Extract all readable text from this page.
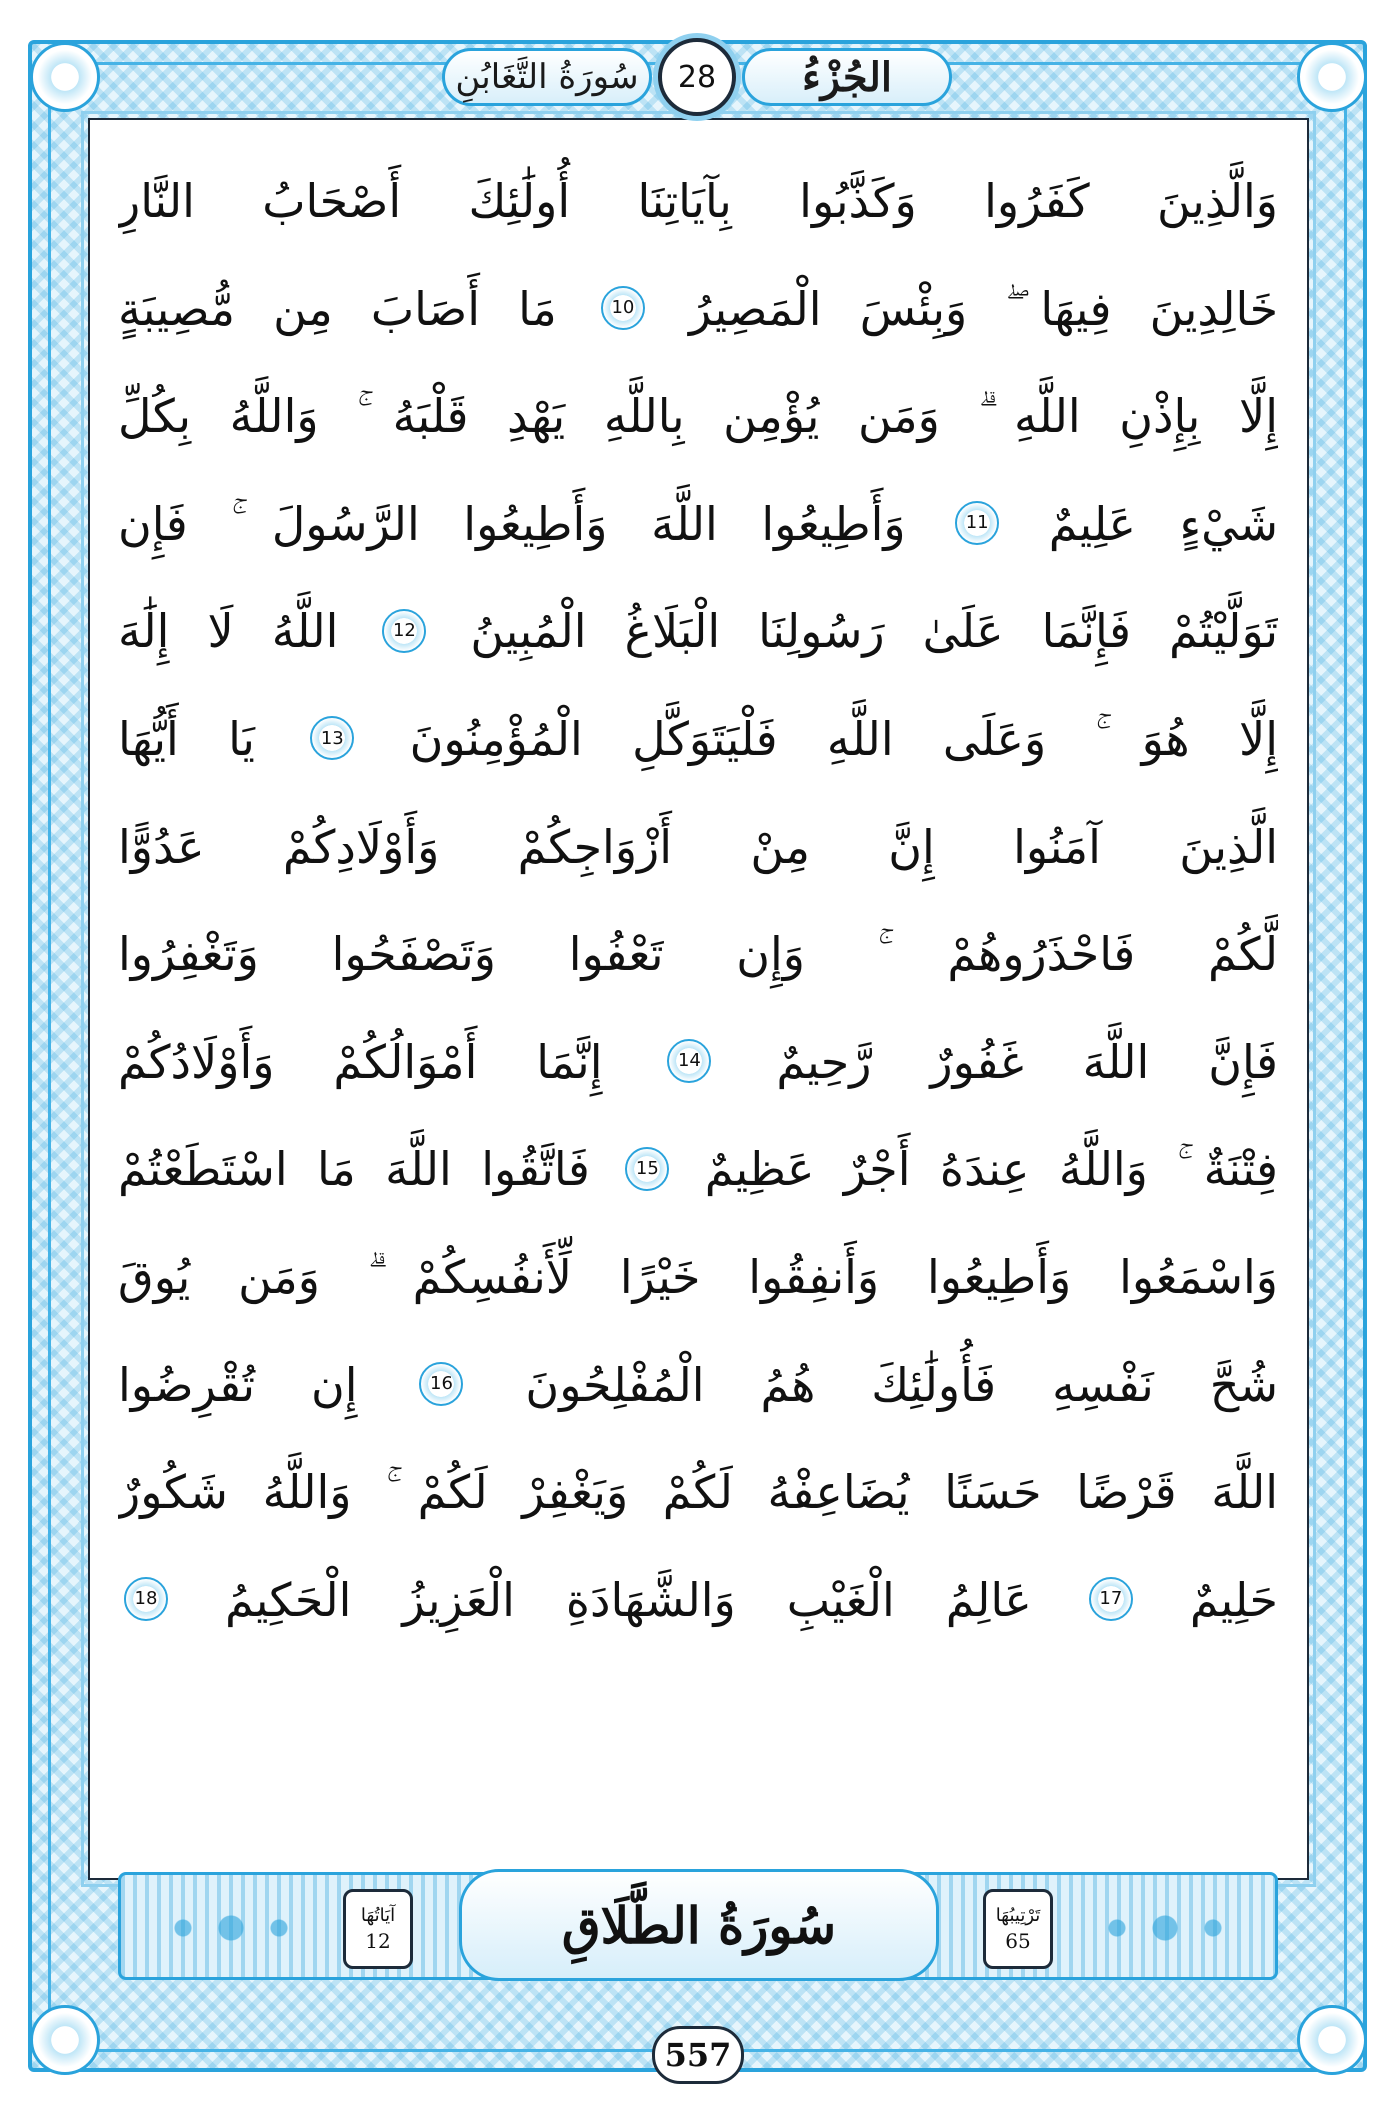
سُورَةُ التَّغَابُنِ	28	الجُزْءُ
وَالَّذِينَ كَفَرُوا وَكَذَّبُوا بِآيَاتِنَا أُولَٰئِكَ أَصْحَابُ النَّارِ
خَالِدِينَ فِيهَا ۖ وَبِئْسَ الْمَصِيرُ 10 مَا أَصَابَ مِن مُّصِيبَةٍ
إِلَّا بِإِذْنِ اللَّهِ ۗ وَمَن يُؤْمِن بِاللَّهِ يَهْدِ قَلْبَهُ ۚ وَاللَّهُ بِكُلِّ
شَيْءٍ عَلِيمٌ 11 وَأَطِيعُوا اللَّهَ وَأَطِيعُوا الرَّسُولَ ۚ فَإِن
تَوَلَّيْتُمْ فَإِنَّمَا عَلَىٰ رَسُولِنَا الْبَلَاغُ الْمُبِينُ 12 اللَّهُ لَا إِلَٰهَ
إِلَّا هُوَ ۚ وَعَلَى اللَّهِ فَلْيَتَوَكَّلِ الْمُؤْمِنُونَ 13 يَا أَيُّهَا
الَّذِينَ آمَنُوا إِنَّ مِنْ أَزْوَاجِكُمْ وَأَوْلَادِكُمْ عَدُوًّا
لَّكُمْ فَاحْذَرُوهُمْ ۚ وَإِن تَعْفُوا وَتَصْفَحُوا وَتَغْفِرُوا
فَإِنَّ اللَّهَ غَفُورٌ رَّحِيمٌ 14 إِنَّمَا أَمْوَالُكُمْ وَأَوْلَادُكُمْ
فِتْنَةٌ ۚ وَاللَّهُ عِندَهُ أَجْرٌ عَظِيمٌ 15 فَاتَّقُوا اللَّهَ مَا اسْتَطَعْتُمْ
وَاسْمَعُوا وَأَطِيعُوا وَأَنفِقُوا خَيْرًا لِّأَنفُسِكُمْ ۗ وَمَن يُوقَ
شُحَّ نَفْسِهِ فَأُولَٰئِكَ هُمُ الْمُفْلِحُونَ 16 إِن تُقْرِضُوا
اللَّهَ قَرْضًا حَسَنًا يُضَاعِفْهُ لَكُمْ وَيَغْفِرْ لَكُمْ ۚ وَاللَّهُ شَكُورٌ
حَلِيمٌ 17 عَالِمُ الْغَيْبِ وَالشَّهَادَةِ الْعَزِيزُ الْحَكِيمُ 18
آيَاتُهَا
12	سُورَةُ الطَّلَاقِ	تَرْتِيبُهَا
65
557
